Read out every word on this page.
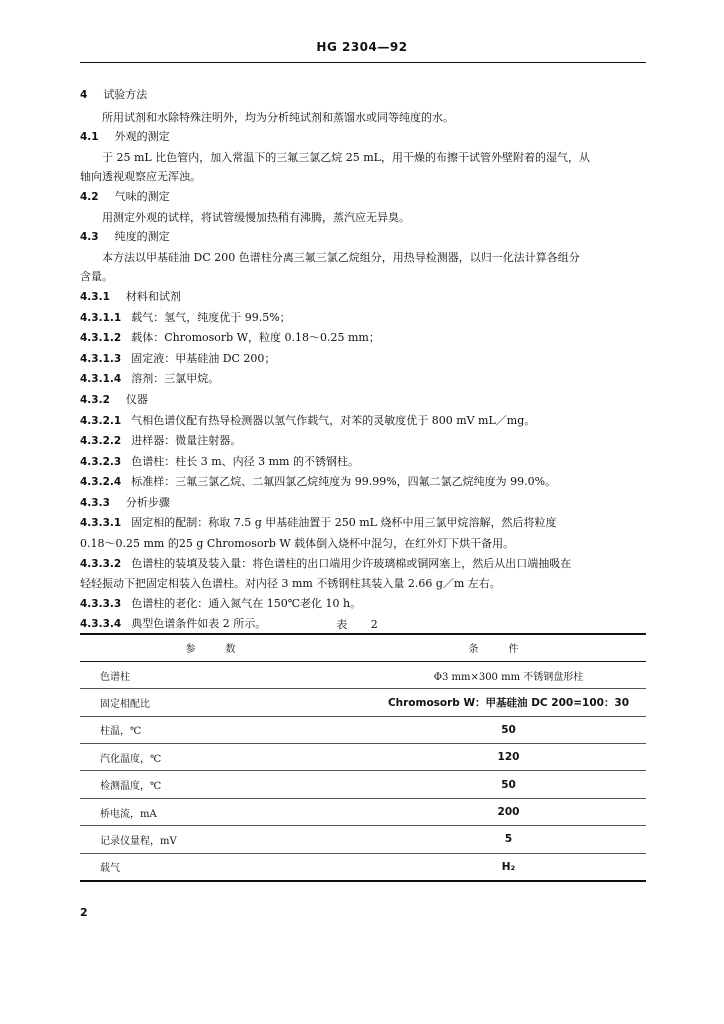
HG 2304—92
4 试验方法
所用试剂和水除特殊注明外，均为分析纯试剂和蒸馏水或同等纯度的水。
4.1 外观的测定
于 25 mL 比色管内，加入常温下的三氟三氯乙烷 25 mL，用干燥的布擦干试管外壁附着的湿气，从
轴向透视观察应无浑浊。
4.2 气味的测定
用测定外观的试样，将试管缓慢加热稍有沸腾，蒸汽应无异臭。
4.3 纯度的测定
本方法以甲基硅油 DC 200 色谱柱分离三氟三氯乙烷组分，用热导检测器，以归一化法计算各组分
含量。
4.3.1 材料和试剂
4.3.1.1 载气：氢气，纯度优于 99.5%；
4.3.1.2 载体：Chromosorb W，粒度 0.18～0.25 mm；
4.3.1.3 固定液：甲基硅油 DC 200；
4.3.1.4 溶剂：三氯甲烷。
4.3.2 仪器
4.3.2.1 气相色谱仪配有热导检测器以氢气作载气，对苯的灵敏度优于 800 mV mL／mg。
4.3.2.2 进样器：微量注射器。
4.3.2.3 色谱柱：柱长 3 m、内径 3 mm 的不锈钢柱。
4.3.2.4 标准样：三氟三氯乙烷、二氟四氯乙烷纯度为 99.99%，四氟二氯乙烷纯度为 99.0%。
4.3.3 分析步骤
4.3.3.1 固定相的配制：称取 7.5 g 甲基硅油置于 250 mL 烧杯中用三氯甲烷溶解，然后将粒度
0.18～0.25 mm 的25 g Chromosorb W 载体倒入烧杯中混匀，在红外灯下烘干备用。
4.3.3.2 色谱柱的装填及装入量：将色谱柱的出口端用少许玻璃棉或铜网塞上，然后从出口端抽吸在
轻轻振动下把固定相装入色谱柱。对内径 3 mm 不锈钢柱其装入量 2.66 g／m 左右。
4.3.3.3 色谱柱的老化：通入氮气在 150℃老化 10 h。
4.3.3.4 典型色谱条件如表 2 所示。	表 2
参数	条件
色谱柱	Φ3 mm×300 mm 不锈钢盘形柱
固定相配比	Chromosorb W：甲基硅油 DC 200=100：30
柱温，℃	50
汽化温度，℃	120
检测温度，℃	50
桥电流，mA	200
记录仪量程，mV	5
载气	H₂
2
